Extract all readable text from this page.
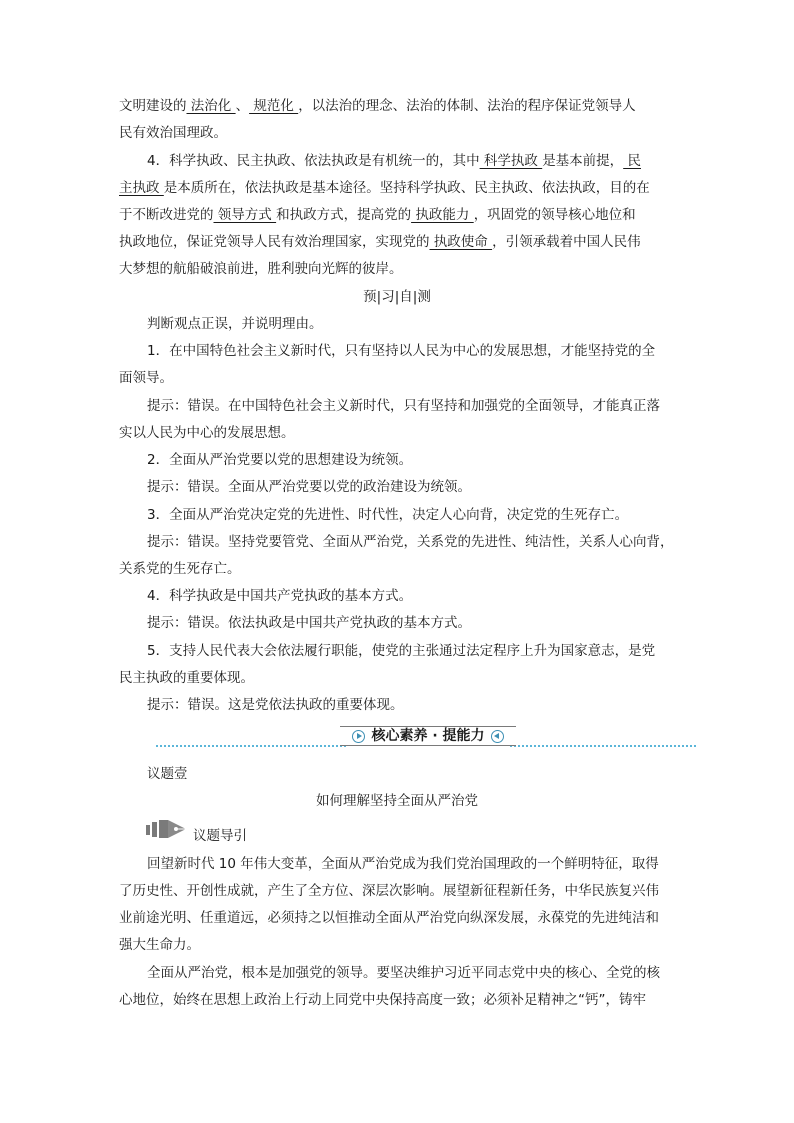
文明建设的 法治化 、 规范化 ，以法治的理念、法治的体制、法治的程序保证党领导人
民有效治国理政。
4．科学执政、民主执政、依法执政是有机统一的，其中 科学执政 是基本前提， 民
主执政 是本质所在，依法执政是基本途径。坚持科学执政、民主执政、依法执政，目的在
于不断改进党的 领导方式 和执政方式，提高党的 执政能力 ，巩固党的领导核心地位和
执政地位，保证党领导人民有效治理国家，实现党的 执政使命 ，引领承载着中国人民伟
大梦想的航船破浪前进，胜利驶向光辉的彼岸。
预|习|自|测
判断观点正误，并说明理由。
1．在中国特色社会主义新时代，只有坚持以人民为中心的发展思想，才能坚持党的全
面领导。
提示：错误。在中国特色社会主义新时代，只有坚持和加强党的全面领导，才能真正落
实以人民为中心的发展思想。
2．全面从严治党要以党的思想建设为统领。
提示：错误。全面从严治党要以党的政治建设为统领。
3．全面从严治党决定党的先进性、时代性，决定人心向背，决定党的生死存亡。
提示：错误。坚持党要管党、全面从严治党，关系党的先进性、纯洁性，关系人心向背，
关系党的生死存亡。
4．科学执政是中国共产党执政的基本方式。
提示：错误。依法执政是中国共产党执政的基本方式。
5．支持人民代表大会依法履行职能，使党的主张通过法定程序上升为国家意志，是党
民主执政的重要体现。
提示：错误。这是党依法执政的重要体现。
核心素养 · 提能力
议题壹
如何理解坚持全面从严治党
议题导引
回望新时代 10 年伟大变革，全面从严治党成为我们党治国理政的一个鲜明特征，取得
了历史性、开创性成就，产生了全方位、深层次影响。展望新征程新任务，中华民族复兴伟
业前途光明、任重道远，必须持之以恒推动全面从严治党向纵深发展，永葆党的先进纯洁和
强大生命力。
全面从严治党，根本是加强党的领导。要坚决维护习近平同志党中央的核心、全党的核
心地位，始终在思想上政治上行动上同党中央保持高度一致；必须补足精神之“钙”，铸牢
